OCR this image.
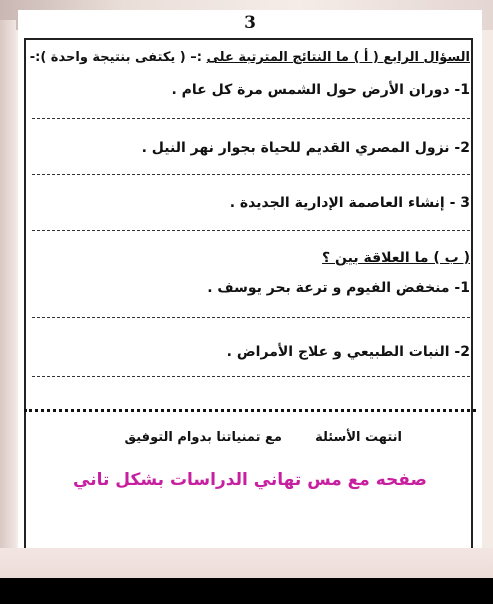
3
السؤال الرابع ( أ ) ما النتائج المترتبة على :– ( يكتفى بنتيجة واحدة ):-
1- دوران الأرض حول الشمس مرة كل عام .
2- نزول المصري القديم للحياة بجوار نهر النيل .
3 - إنشاء العاصمة الإدارية الجديدة .
( ب ) ما العلاقة بين ؟
1- منخفض الفيوم و ترعة بحر يوسف .
2- النبات الطبيعي و علاج الأمراض .
انتهت الأسئلة
مع تمنياتنا بدوام التوفيق
صفحه مع مس تهاني الدراسات بشكل تاني
